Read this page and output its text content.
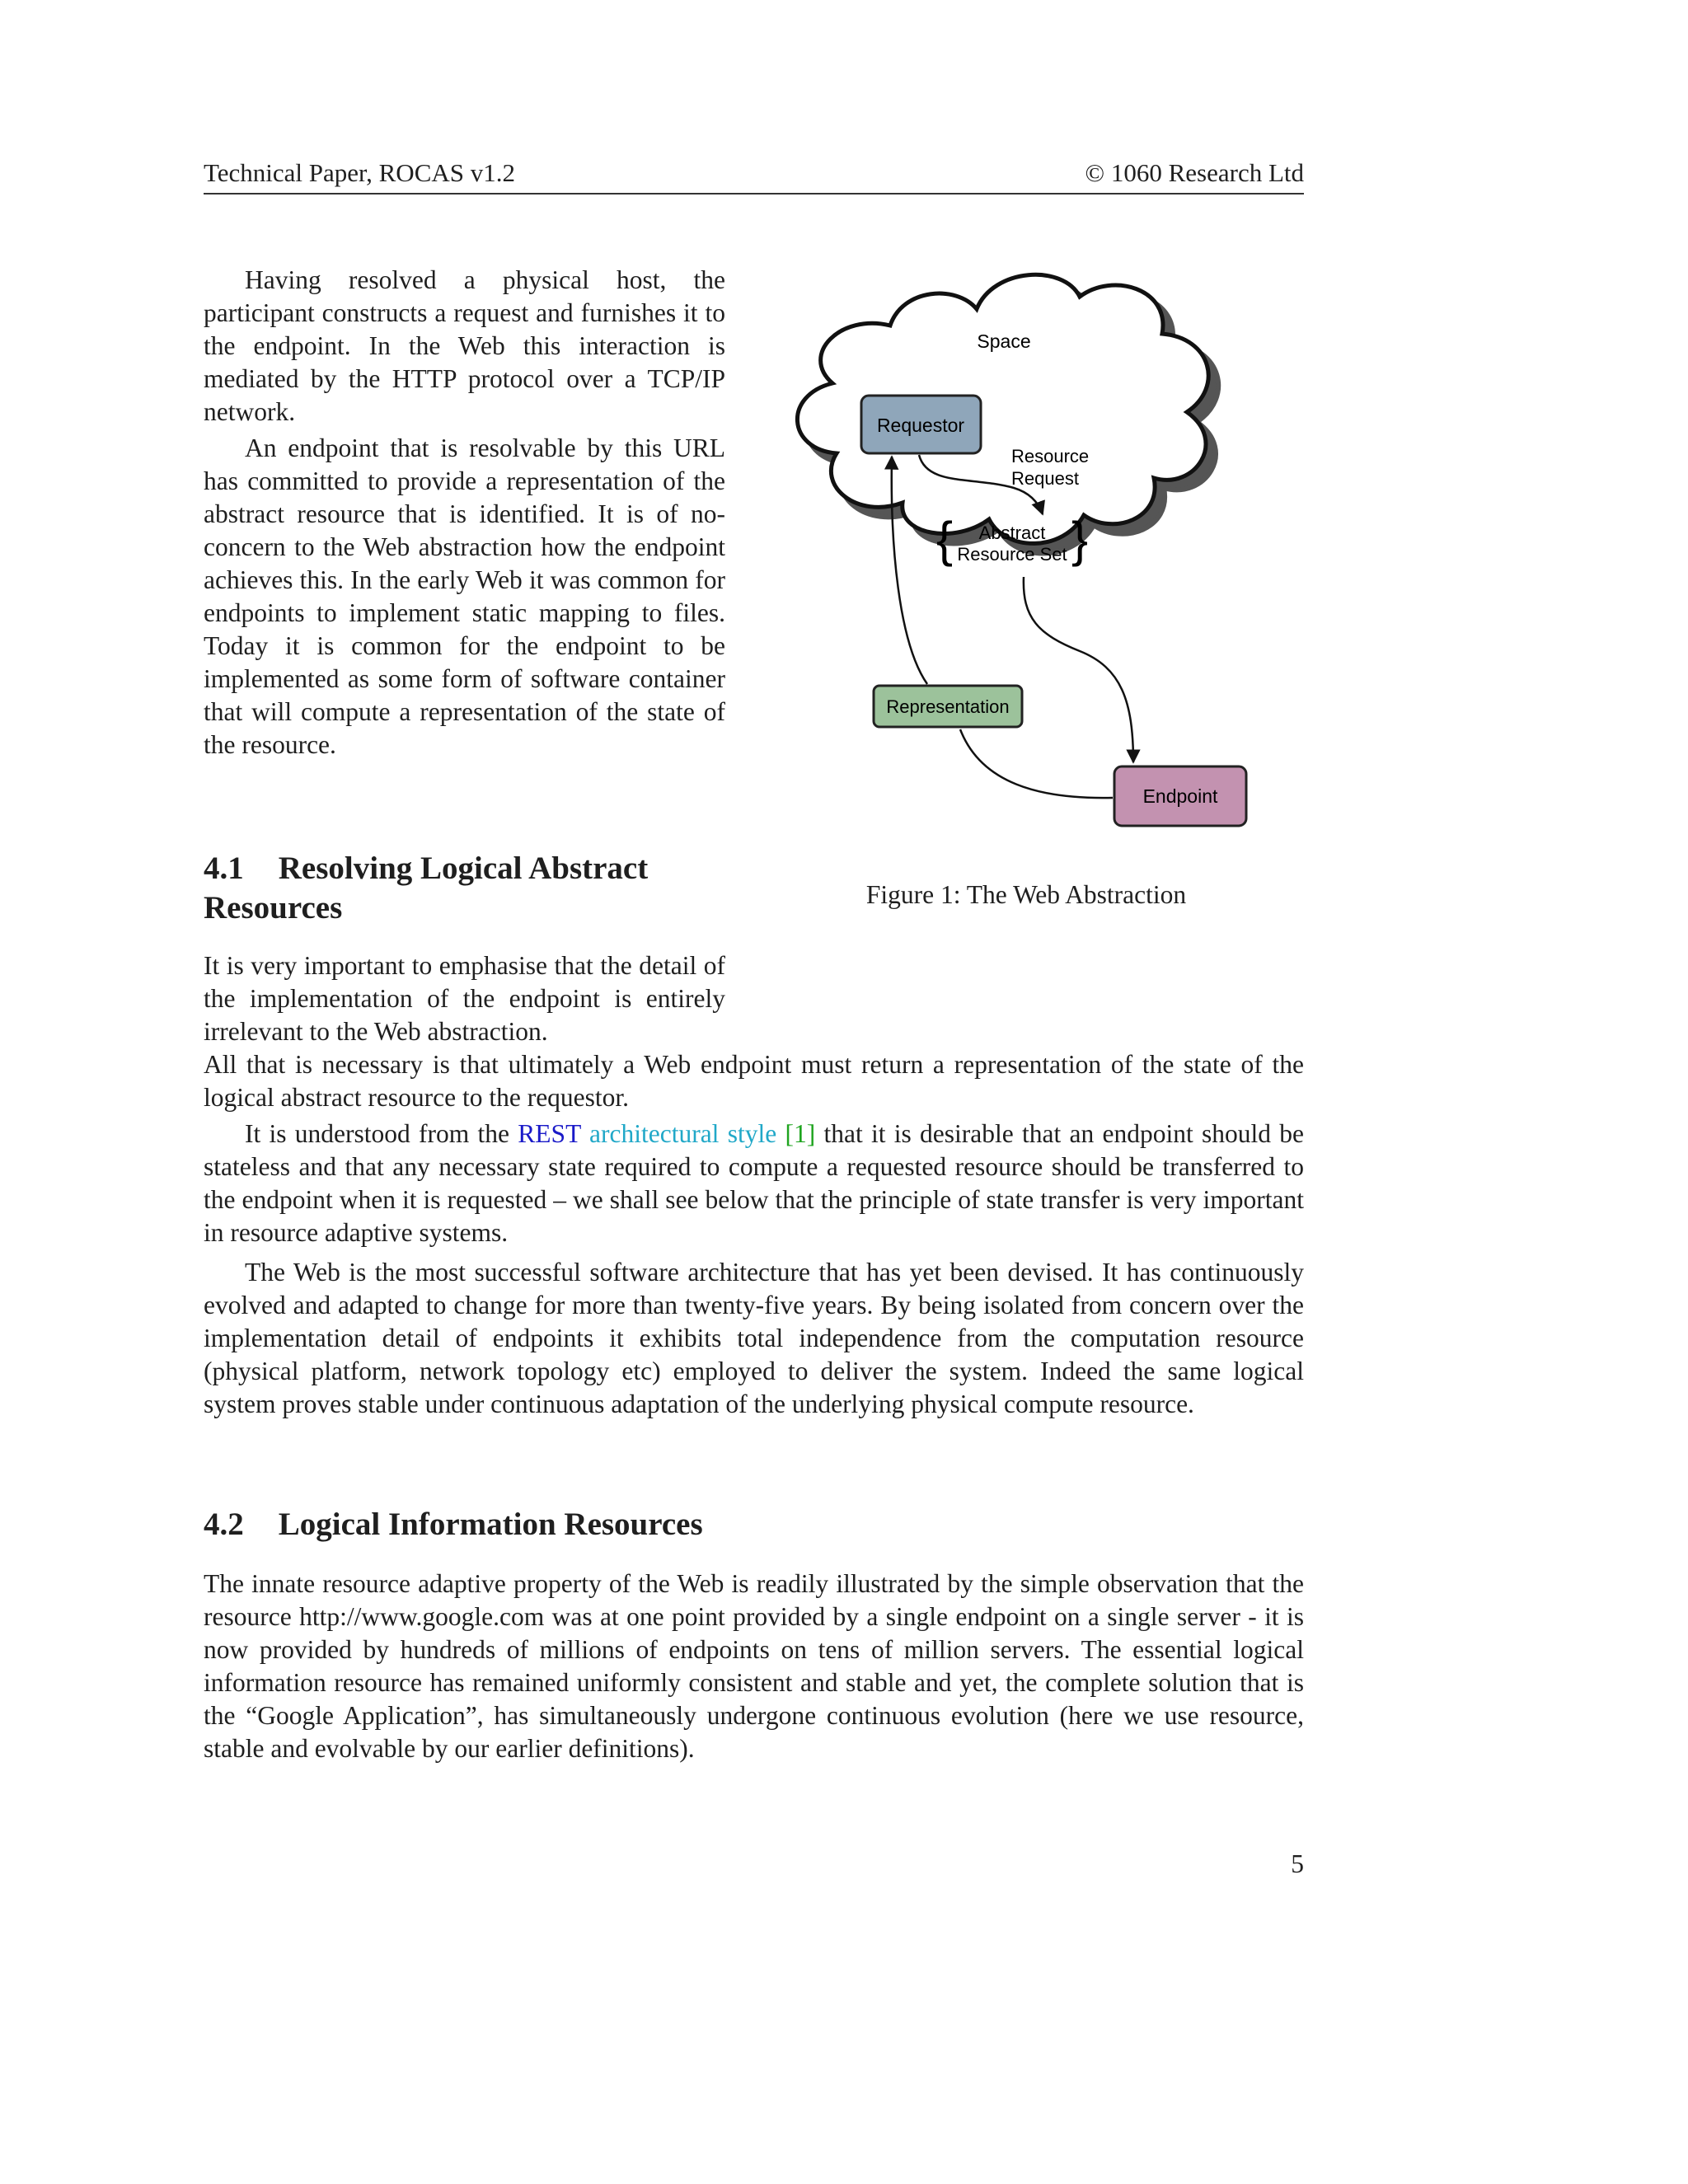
Technical Paper, ROCAS v1.2	© 1060 Research Ltd

Having resolved a physical host, the participant constructs a request and furnishes it to the endpoint. In the Web this interaction is mediated by the HTTP protocol over a TCP/IP network.

An endpoint that is resolvable by this URL has committed to provide a representation of the abstract resource that is identified. It is of no-concern to the Web abstraction how the endpoint achieves this. In the early Web it was common for endpoints to implement static mapping to files. Today it is common for the endpoint to be implemented as some form of software container that will compute a representation of the state of the resource.

Space
Requestor
Resource
Request
{ }
Abstract
Resource Set
Representation
Endpoint
Figure 1: The Web Abstraction
4.1 Resolving Logical Abstract
Resources

It is very important to emphasise that the detail of the implementation of the endpoint is entirely irrelevant to the Web abstraction.

All that is necessary is that ultimately a Web endpoint must return a representation of the state of the logical abstract resource to the requestor.

It is understood from the REST architectural style [1] that it is desirable that an endpoint should be stateless and that any necessary state required to compute a requested resource should be transferred to the endpoint when it is requested – we shall see below that the principle of state transfer is very important in resource adaptive systems.

The Web is the most successful software architecture that has yet been devised. It has continuously evolved and adapted to change for more than twenty-five years. By being isolated from concern over the implementation detail of endpoints it exhibits total independence from the computation resource (physical platform, network topology etc) employed to deliver the system. Indeed the same logical system proves stable under continuous adaptation of the underlying physical compute resource.

4.2 Logical Information Resources

The innate resource adaptive property of the Web is readily illustrated by the simple observation that the resource http://www.google.com was at one point provided by a single endpoint on a single server - it is now provided by hundreds of millions of endpoints on tens of million servers. The essential logical information resource has remained uniformly consistent and stable and yet, the complete solution that is the “Google Application”, has simultaneously undergone continuous evolution (here we use resource, stable and evolvable by our earlier definitions).

5
